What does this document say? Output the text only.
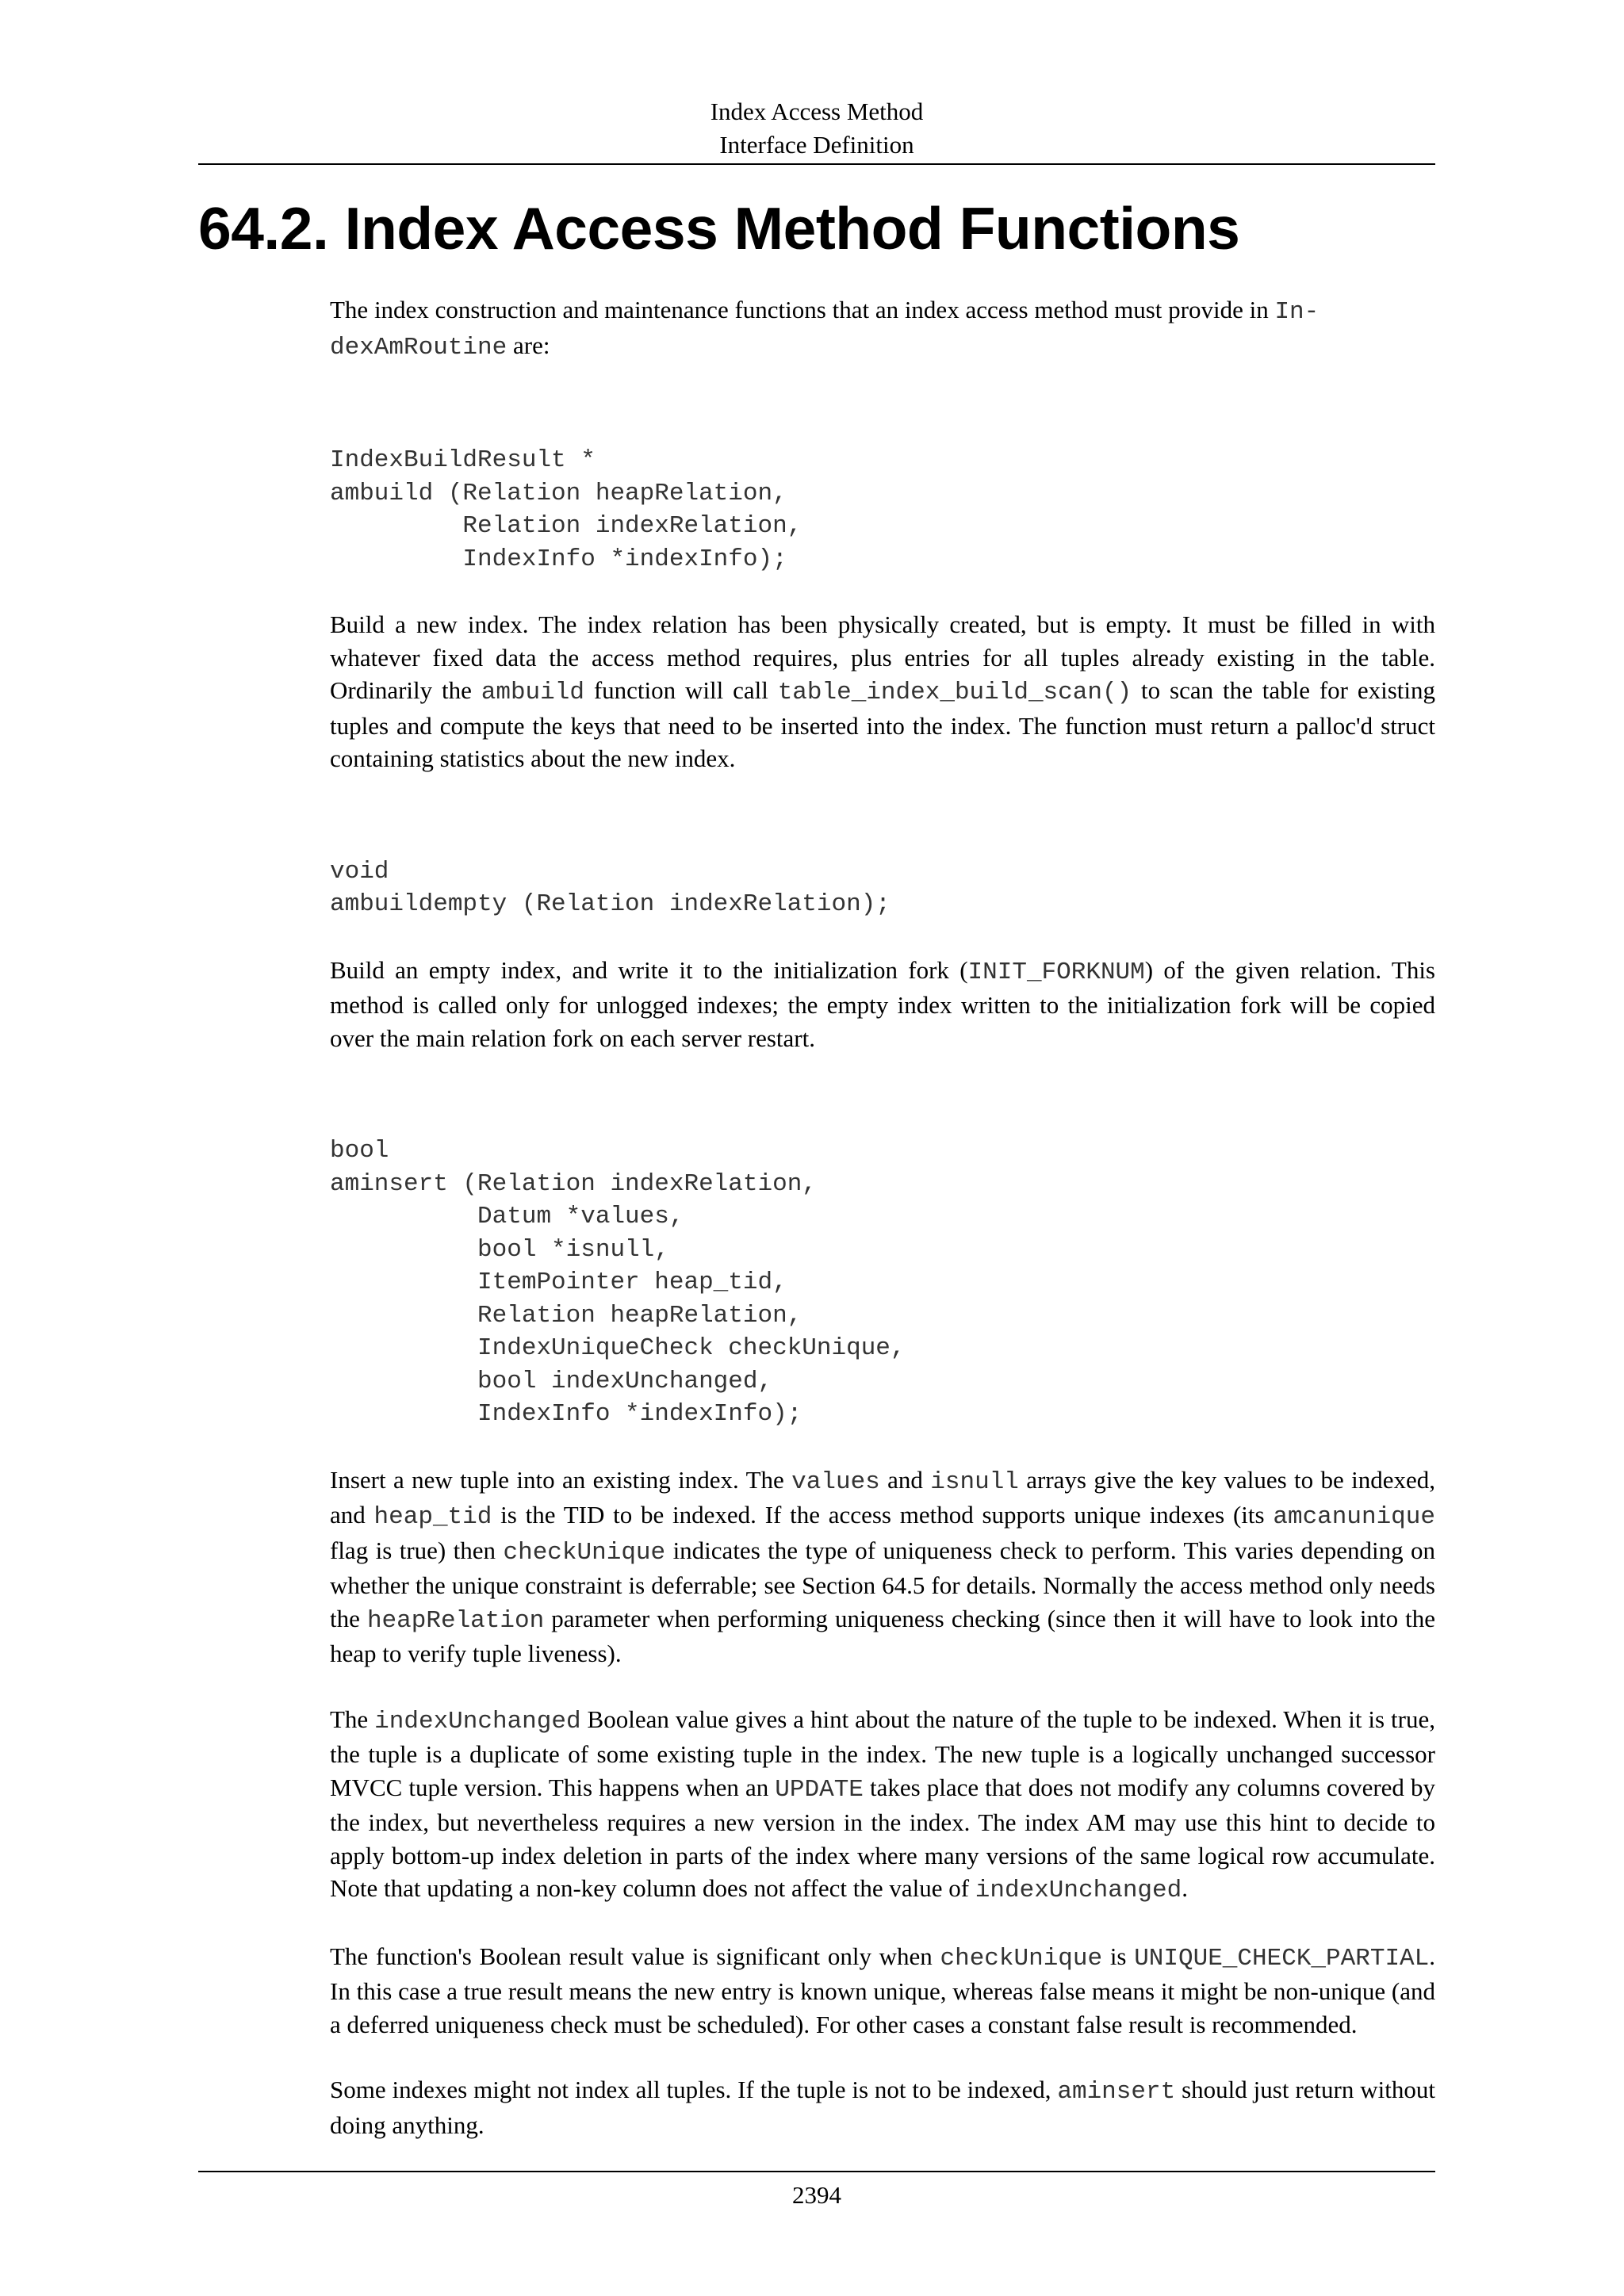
Index Access Method
Interface Definition
64.2. Index Access Method Functions

The index construction and maintenance functions that an index access method must provide in In-
dexAmRoutine are:

IndexBuildResult *
ambuild (Relation heapRelation,
Relation indexRelation,
IndexInfo *indexInfo);

Build a new index. The index relation has been physically created, but is empty. It must be filled in with whatever fixed data the access method requires, plus entries for all tuples already existing in the table. Ordinarily the ambuild function will call table_index_build_scan() to scan the table for existing tuples and compute the keys that need to be inserted into the index. The function must return a palloc'd struct containing statistics about the new index.

void
ambuildempty (Relation indexRelation);

Build an empty index, and write it to the initialization fork (INIT_FORKNUM) of the given relation. This method is called only for unlogged indexes; the empty index written to the initialization fork will be copied over the main relation fork on each server restart.

bool
aminsert (Relation indexRelation,
Datum *values,
bool *isnull,
ItemPointer heap_tid,
Relation heapRelation,
IndexUniqueCheck checkUnique,
bool indexUnchanged,
IndexInfo *indexInfo);

Insert a new tuple into an existing index. The values and isnull arrays give the key values to be indexed, and heap_tid is the TID to be indexed. If the access method supports unique indexes (its amcanunique flag is true) then checkUnique indicates the type of uniqueness check to perform. This varies depending on whether the unique constraint is deferrable; see Section 64.5 for details. Normally the access method only needs the heapRelation parameter when performing uniqueness checking (since then it will have to look into the heap to verify tuple liveness).

The indexUnchanged Boolean value gives a hint about the nature of the tuple to be indexed. When it is true, the tuple is a duplicate of some existing tuple in the index. The new tuple is a logically unchanged successor MVCC tuple version. This happens when an UPDATE takes place that does not modify any columns covered by the index, but nevertheless requires a new version in the index. The index AM may use this hint to decide to apply bottom-up index deletion in parts of the index where many versions of the same logical row accumulate. Note that updating a non-key column does not affect the value of indexUnchanged.

The function's Boolean result value is significant only when checkUnique is UNIQUE_CHECK_PARTIAL. In this case a true result means the new entry is known unique, whereas false means it might be non-unique (and a deferred uniqueness check must be scheduled). For other cases a constant false result is recommended.

Some indexes might not index all tuples. If the tuple is not to be indexed, aminsert should just return without doing anything.

2394
